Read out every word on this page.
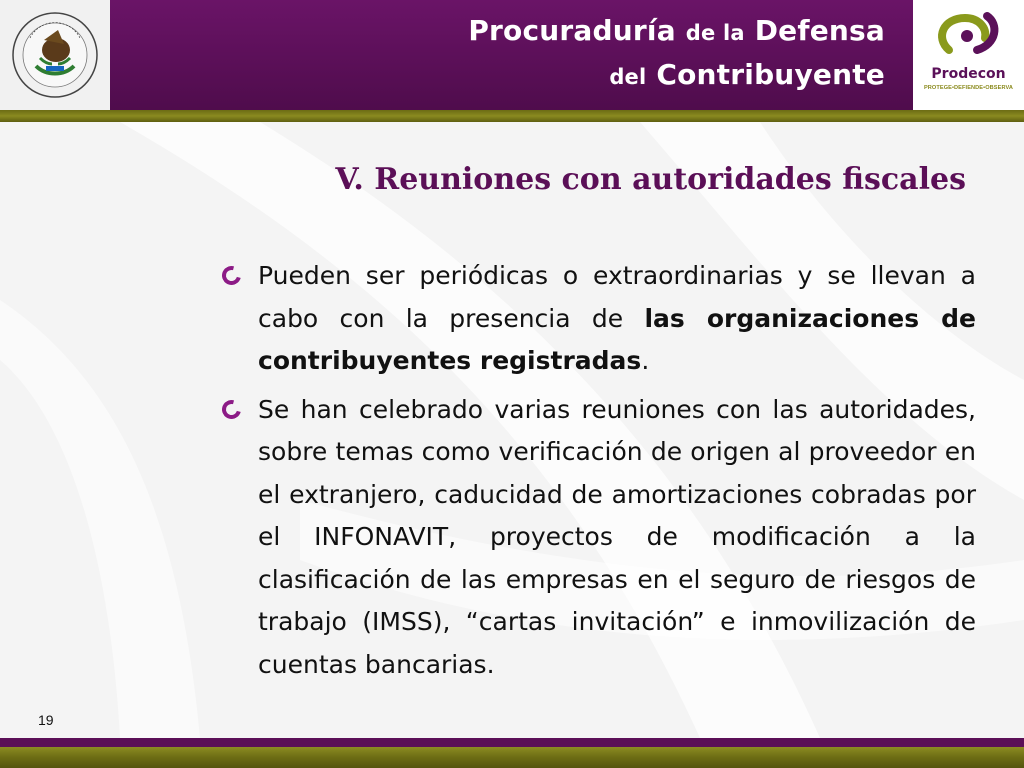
Procuraduría de la Defensa
del Contribuyente	Prodecon
PROTEGE•DEFIENDE•OBSERVA
V. Reuniones con autoridades fiscales
Pueden ser periódicas o extraordinarias y se llevan a cabo con la presencia de las organizaciones de contribuyentes registradas.
Se han celebrado varias reuniones con las autoridades, sobre temas como verificación de origen al proveedor en el extranjero, caducidad de amortizaciones cobradas por el INFONAVIT, proyectos de modificación a la clasificación de las empresas en el seguro de riesgos de trabajo (IMSS), “cartas invitación” e inmovilización de cuentas bancarias.
19
